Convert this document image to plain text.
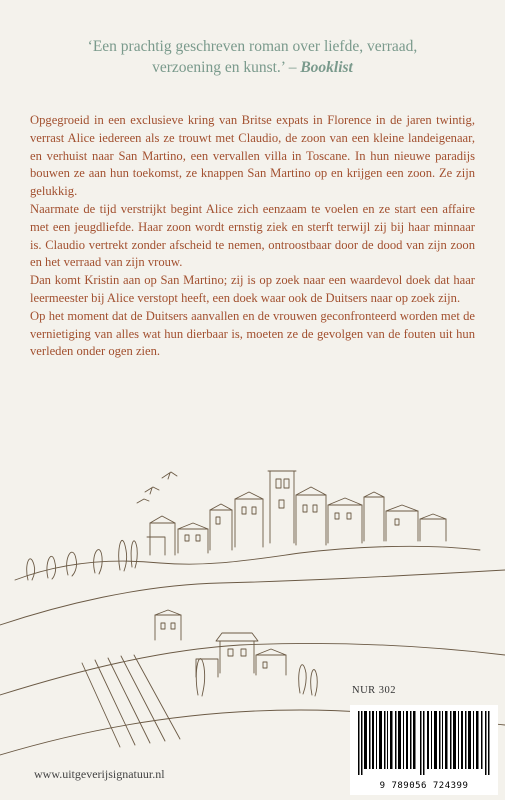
‘Een prachtig geschreven roman over liefde, verraad,
verzoening en kunst.’ – Booklist

Opgegroeid in een exclusieve kring van Britse expats in Florence in de jaren twintig, verrast Alice iedereen als ze trouwt met Claudio, de zoon van een kleine landeigenaar, en verhuist naar San Martino, een vervallen villa in Toscane. In hun nieuwe paradijs bouwen ze aan hun toekomst, ze knappen San Martino op en krijgen een zoon. Ze zijn gelukkig.

Naarmate de tijd verstrijkt begint Alice zich eenzaam te voelen en ze start een affaire met een jeugdliefde. Haar zoon wordt ernstig ziek en sterft terwijl zij bij haar minnaar is. Claudio vertrekt zonder afscheid te nemen, ontroostbaar door de dood van zijn zoon en het verraad van zijn vrouw.

Dan komt Kristin aan op San Martino; zij is op zoek naar een waardevol doek dat haar leermeester bij Alice verstopt heeft, een doek waar ook de Duitsers naar op zoek zijn.

Op het moment dat de Duitsers aanvallen en de vrouwen geconfronteerd worden met de vernietiging van alles wat hun dierbaar is, moeten ze de gevolgen van de fouten uit hun verleden onder ogen zien.

NUR 302
9 789056 724399
www.uitgeverijsignatuur.nl
